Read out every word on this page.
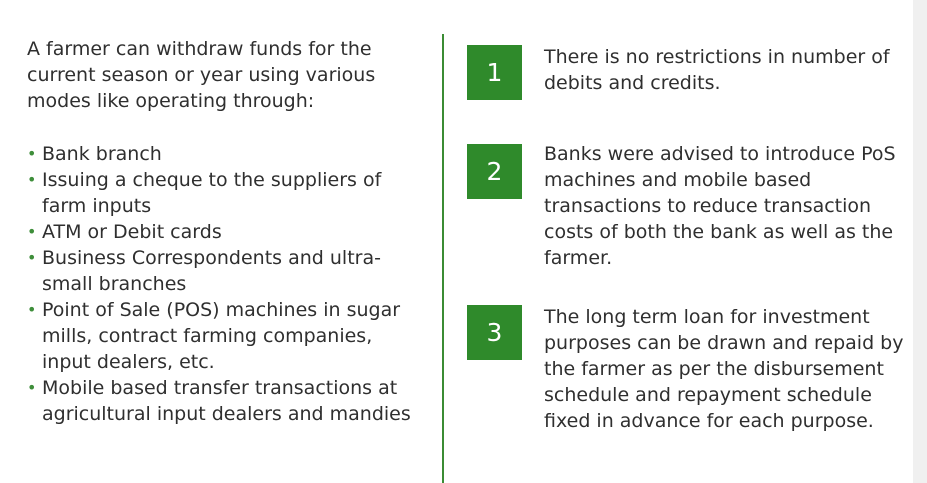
A farmer can withdraw funds for the current season or year using various modes like operating through:

• Bank branch
• Issuing a cheque to the suppliers of farm inputs
• ATM or Debit cards
• Business Correspondents and ultra-small branches
• Point of Sale (POS) machines in sugar mills, contract farming companies, input dealers, etc.
• Mobile based transfer transactions at agricultural input dealers and mandies
1

There is no restrictions in number of debits and credits.

2

Banks were advised to introduce PoS machines and mobile based transactions to reduce transaction costs of both the bank as well as the farmer.

3

The long term loan for investment purposes can be drawn and repaid by the farmer as per the disbursement schedule and repayment schedule fixed in advance for each purpose.
